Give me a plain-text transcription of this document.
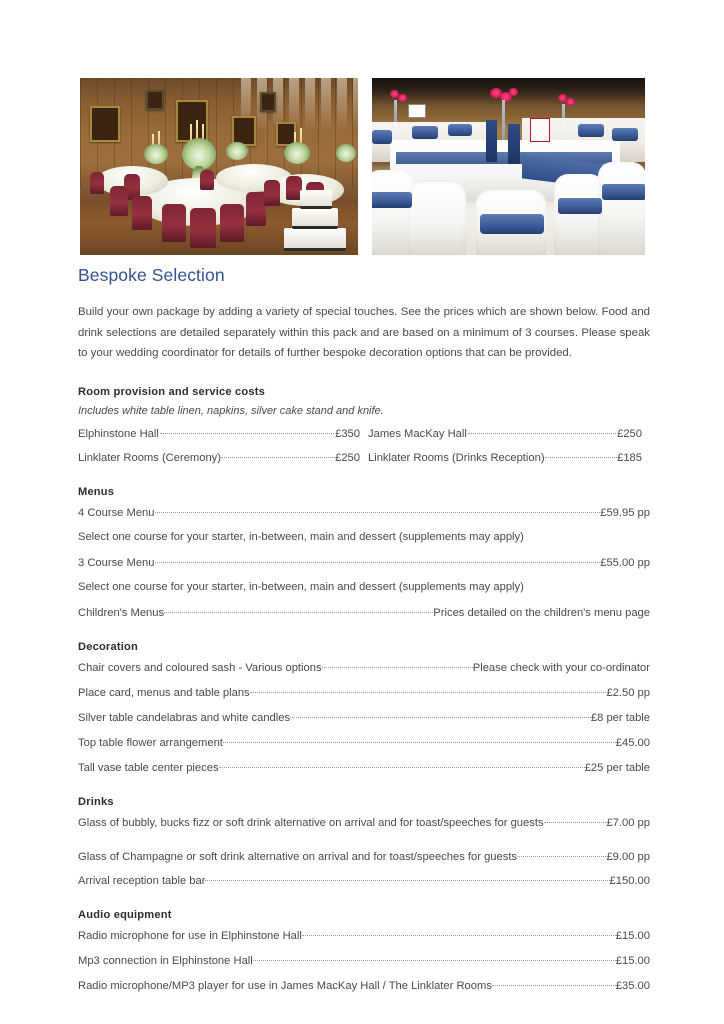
Bespoke Selection

Build your own package by adding a variety of special touches. See the prices which are shown below. Food and drink selections are detailed separately within this pack and are based on a minimum of 3 courses. Please speak to your wedding coordinator for details of further bespoke decoration options that can be provided.

Room provision and service costs
Includes white table linen, napkins, silver cake stand and knife.
Elphinstone Hall	£350 James MacKay Hall	£250
Linklater Rooms (Ceremony)	£250 Linklater Rooms (Drinks Reception)	£185
Menus
4 Course Menu	£59.95 pp
Select one course for your starter, in-between, main and dessert (supplements may apply)
3 Course Menu	£55.00 pp
Select one course for your starter, in-between, main and dessert (supplements may apply)
Children's Menus	Prices detailed on the children's menu page
Decoration
Chair covers and coloured sash - Various options	Please check with your co-ordinator
Place card, menus and table plans	£2.50 pp
Silver table candelabras and white candles	£8 per table
Top table flower arrangement	£45.00
Tall vase table center pieces	£25 per table
Drinks
Glass of bubbly, bucks fizz or soft drink alternative on arrival and for toast/speeches for guests	£7.00 pp
Glass of Champagne or soft drink alternative on arrival and for toast/speeches for guests	£9.00 pp
Arrival reception table bar	£150.00
Audio equipment
Radio microphone for use in Elphinstone Hall	£15.00
Mp3 connection in Elphinstone Hall	£15.00
Radio microphone/MP3 player for use in James MacKay Hall / The Linklater Rooms	£35.00
